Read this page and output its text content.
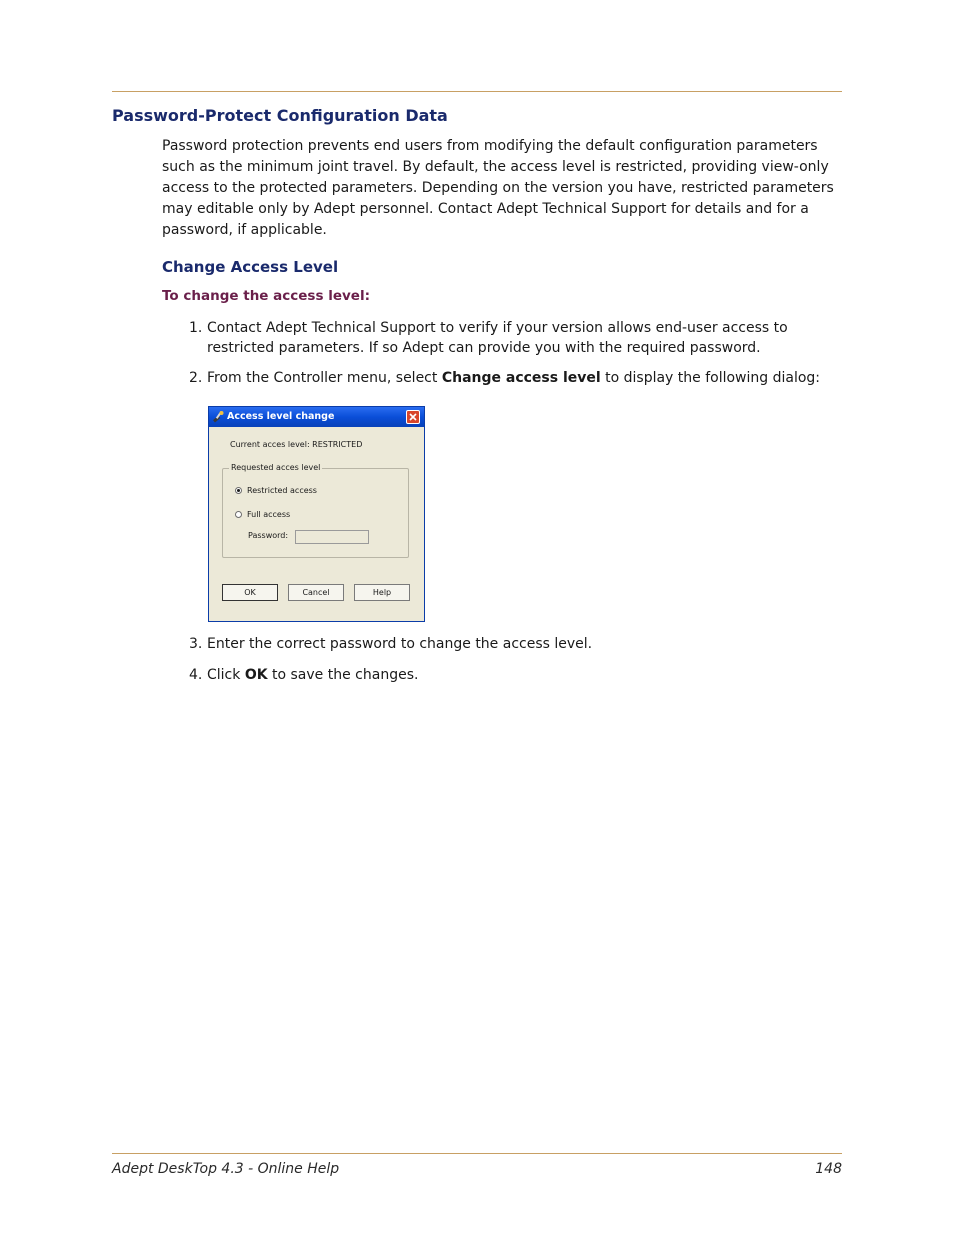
Password-Protect Configuration Data

Password protection prevents end users from modifying the default configuration parameters such as the minimum joint travel. By default, the access level is restricted, providing view-only access to the protected parameters. Depending on the version you have, restricted parameters may editable only by Adept personnel. Contact Adept Technical Support for details and for a password, if applicable.

Change Access Level
To change the access level:
1. Contact Adept Technical Support to verify if your version allows end-user access to restricted parameters. If so Adept can provide you with the required password.
2. From the Controller menu, select Change access level to display the following dialog:
Access level change
Current acces level: RESTRICTED
Requested acces level
Restricted access
Full access
Password:
OK	Cancel	Help
3. Enter the correct password to change the access level.
4. Click OK to save the changes.
Adept DeskTop 4.3 - Online Help	148
